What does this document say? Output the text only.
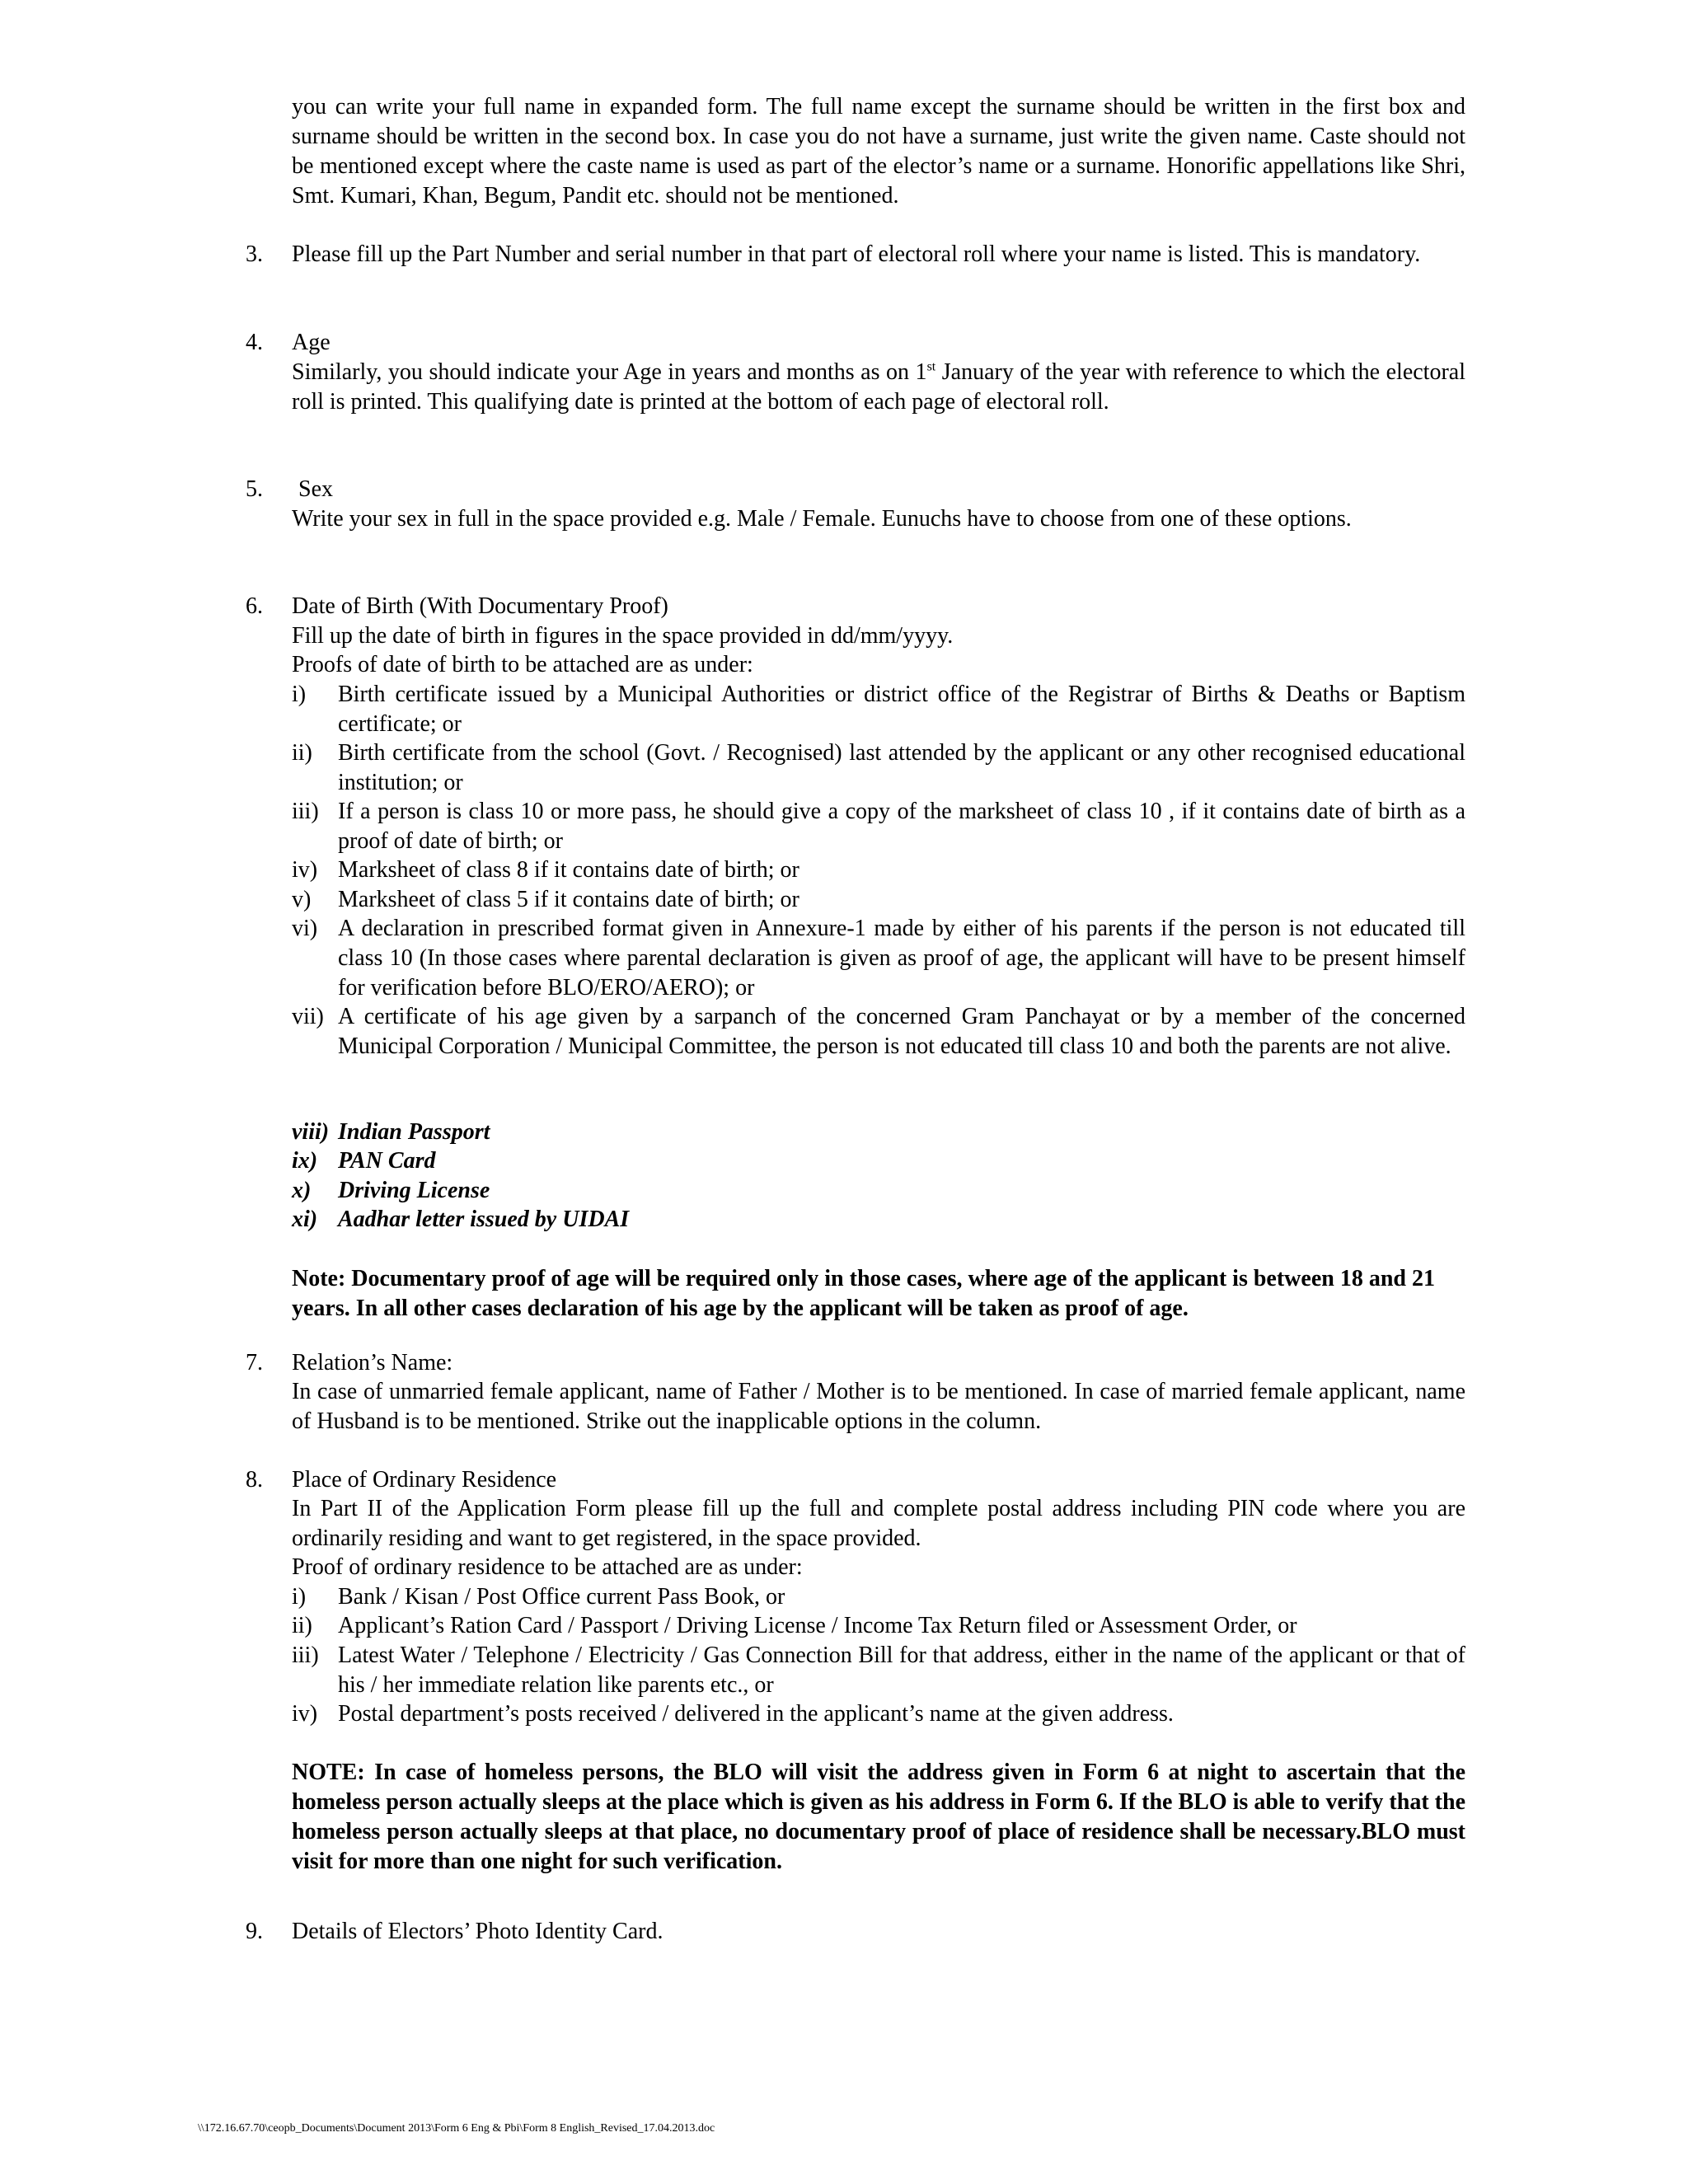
you can write your full name in expanded form. The full name except the surname should be written in the first box and surname should be written in the second box. In case you do not have a surname, just write the given name. Caste should not be mentioned except where the caste name is used as part of the elector’s name or a surname. Honorific appellations like Shri, Smt. Kumari, Khan, Begum, Pandit etc. should not be mentioned.

3. Please fill up the Part Number and serial number in that part of electoral roll where your name is listed. This is mandatory.

4. Age

Similarly, you should indicate your Age in years and months as on 1st January of the year with reference to which the electoral roll is printed. This qualifying date is printed at the bottom of each page of electoral roll.

5. Sex

Write your sex in full in the space provided e.g. Male / Female. Eunuchs have to choose from one of these options.

6. Date of Birth (With Documentary Proof)

Fill up the date of birth in figures in the space provided in dd/mm/yyyy.

Proofs of date of birth to be attached are as under:

i) Birth certificate issued by a Municipal Authorities or district office of the Registrar of Births & Deaths or Baptism certificate; or

ii) Birth certificate from the school (Govt. / Recognised) last attended by the applicant or any other recognised educational institution; or

iii) If a person is class 10 or more pass, he should give a copy of the marksheet of class 10 , if it contains date of birth as a proof of date of birth; or

iv) Marksheet of class 8 if it contains date of birth; or

v) Marksheet of class 5 if it contains date of birth; or

vi) A declaration in prescribed format given in Annexure-1 made by either of his parents if the person is not educated till class 10 (In those cases where parental declaration is given as proof of age, the applicant will have to be present himself for verification before BLO/ERO/AERO); or

vii) A certificate of his age given by a sarpanch of the concerned Gram Panchayat or by a member of the concerned Municipal Corporation / Municipal Committee, the person is not educated till class 10 and both the parents are not alive.

viii) Indian Passport

ix) PAN Card

x) Driving License

xi) Aadhar letter issued by UIDAI

Note: Documentary proof of age will be required only in those cases, where age of the applicant is between 18 and 21 years. In all other cases declaration of his age by the applicant will be taken as proof of age.

7. Relation’s Name:

In case of unmarried female applicant, name of Father / Mother is to be mentioned. In case of married female applicant, name of Husband is to be mentioned. Strike out the inapplicable options in the column.

8. Place of Ordinary Residence

In Part II of the Application Form please fill up the full and complete postal address including PIN code where you are ordinarily residing and want to get registered, in the space provided.

Proof of ordinary residence to be attached are as under:

i) Bank / Kisan / Post Office current Pass Book, or

ii) Applicant’s Ration Card / Passport / Driving License / Income Tax Return filed or Assessment Order, or

iii) Latest Water / Telephone / Electricity / Gas Connection Bill for that address, either in the name of the applicant or that of his / her immediate relation like parents etc., or

iv) Postal department’s posts received / delivered in the applicant’s name at the given address.

NOTE: In case of homeless persons, the BLO will visit the address given in Form 6 at night to ascertain that the homeless person actually sleeps at the place which is given as his address in Form 6. If the BLO is able to verify that the homeless person actually sleeps at that place, no documentary proof of place of residence shall be necessary.BLO must visit for more than one night for such verification.

9. Details of Electors’ Photo Identity Card.

\\172.16.67.70\ceopb_Documents\Document 2013\Form 6 Eng & Pbi\Form 8 English_Revised_17.04.2013.doc
